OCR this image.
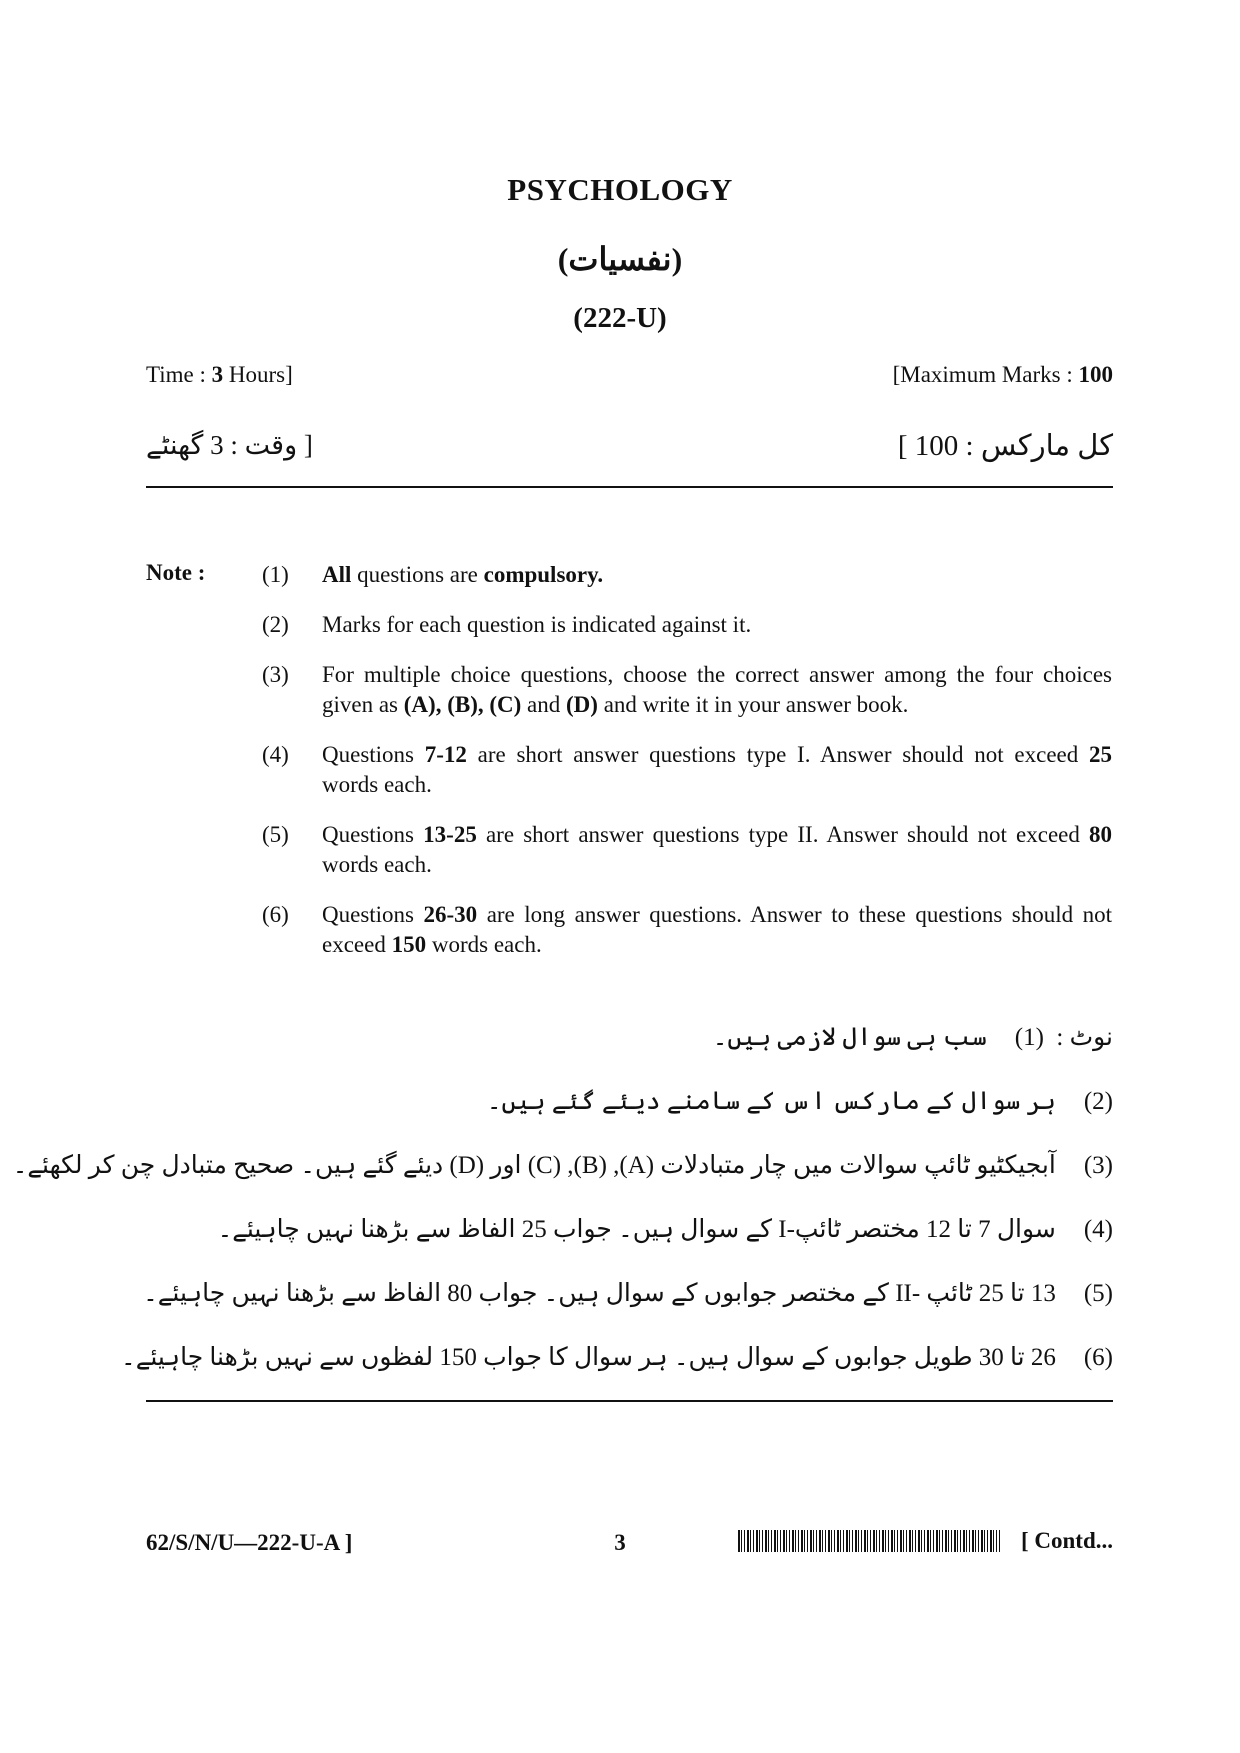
PSYCHOLOGY
(نفسیات)
(222-U)
Time : 3 Hours]	[Maximum Marks : 100
[ وقت : 3 گھنٹے	کل مارکس : 100 ]
Note : (1)	All questions are compulsory.
(2)	Marks for each question is indicated against it.
(3)	For multiple choice questions, choose the correct answer among the four choices given as (A), (B), (C) and (D) and write it in your answer book.
(4)	Questions 7-12 are short answer questions type I. Answer should not exceed 25 words each.
(5)	Questions 13-25 are short answer questions type II. Answer should not exceed 80 words each.
(6)	Questions 26-30 are long answer questions. Answer to these questions should not exceed 150 words each.
نوٹ :  (1)سب ہی سوال لازمی ہیں۔
(2)ہر سوال کے مارکس اس کے سامنے دیئے گئے ہیں۔
(3)آبجیکٹیو ٹائپ سوالات میں چار متبادلات (A), (B), (C) اور (D) دیئے گئے ہیں۔ صحیح متبادل چن کر لکھئے۔
(4)سوال 7 تا 12 مختصر ٹائپ-I کے سوال ہیں۔ جواب 25 الفاظ سے بڑھنا نہیں چاہیئے۔
(5)13 تا 25 ٹائپ -II کے مختصر جوابوں کے سوال ہیں۔ جواب 80 الفاظ سے بڑھنا نہیں چاہیئے۔
(6)26 تا 30 طویل جوابوں کے سوال ہیں۔ ہر سوال کا جواب 150 لفظوں سے نہیں بڑھنا چاہیئے۔
62/S/N/U—222-U-A ]	3	[ Contd...
